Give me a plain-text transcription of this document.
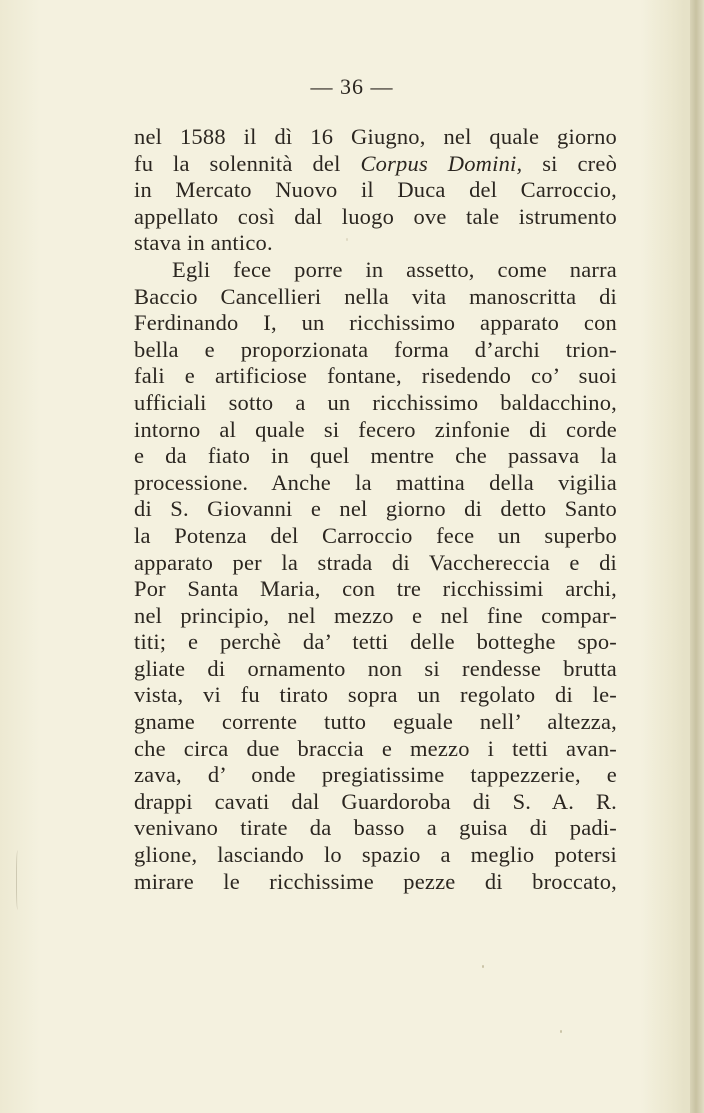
— 36 —
nel 1588 il dì 16 Giugno, nel quale giorno
fu la solennità del Corpus Domini, si creò
in Mercato Nuovo il Duca del Carroccio,
appellato così dal luogo ove tale istrumento
stava in antico.
Egli fece porre in assetto, come narra
Baccio Cancellieri nella vita manoscritta di
Ferdinando I, un ricchissimo apparato con
bella e proporzionata forma d’archi trion-
fali e artificiose fontane, risedendo co’ suoi
ufficiali sotto a un ricchissimo baldacchino,
intorno al quale si fecero zinfonie di corde
e da fiato in quel mentre che passava la
processione. Anche la mattina della vigilia
di S. Giovanni e nel giorno di detto Santo
la Potenza del Carroccio fece un superbo
apparato per la strada di Vacchereccia e di
Por Santa Maria, con tre ricchissimi archi,
nel principio, nel mezzo e nel fine compar-
titi; e perchè da’ tetti delle botteghe spo-
gliate di ornamento non si rendesse brutta
vista, vi fu tirato sopra un regolato di le-
gname corrente tutto eguale nell’ altezza,
che circa due braccia e mezzo i tetti avan-
zava, d’ onde pregiatissime tappezzerie, e
drappi cavati dal Guardoroba di S. A. R.
venivano tirate da basso a guisa di padi-
glione, lasciando lo spazio a meglio potersi
mirare le ricchissime pezze di broccato,
